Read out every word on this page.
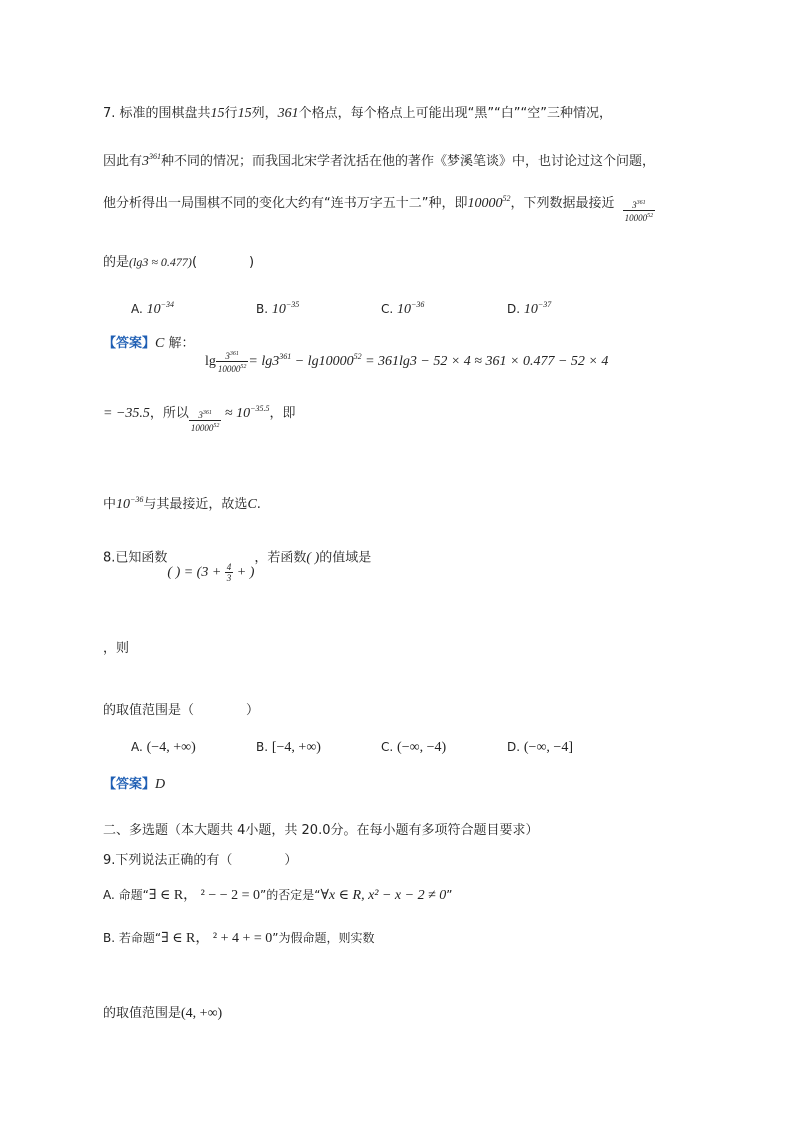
7. 标准的围棋盘共15行15列，361个格点，每个格点上可能出现“黑”“白”“空”三种情况，
因此有$3^{361}$种不同的情况；而我国北宋学者沈括在他的著作《梦溪笔谈》中，也讨论过这个问题，
他分析得出一局围棋不同的变化大约有“连书万字五十二”种，即10000$^{52}$，下列数据最接近 $\frac{3^{361}}{10000^{52}}$
的是(lg3 ≈ 0.477)(　　　　)
A. $10^{-34}$	B. $10^{-35}$	C. $10^{-36}$	D. $10^{-37}$
【答案】C 解：
$\lg \frac{3^{361}}{10000^{52}} = \lg 3^{361} - \lg 10000^{52} = 361\lg 3 - 52 \times 4 \approx 361 \times 0.477 - 52 \times 4$
= −35.5，所以 $\frac{3^{361}}{10000^{52}} \approx 10^{-35.5}$，即
中$10^{-36}$与其最接近，故选C.
8.已知函数( ) = ($3 + \frac{4}{3}$ + )，若函数( )的值域是
，则
的取值范围是（　　　　）
A. (−4, +∞)	B. [−4, +∞)	C. (−∞, −4)	D. (−∞, −4]
【答案】D
二、多选题（本大题共 4小题，共 20.0分。在每小题有多项符合题目要求）
9.下列说法正确的有（　　　　）
A. 命题“∃ ∈ R， ² − − 2 = 0”的否定是“∀x ∈ R, x² − x − 2 ≠ 0”
B. 若命题“∃ ∈ R， ² + 4 + = 0”为假命题，则实数
的取值范围是(4, +∞)
